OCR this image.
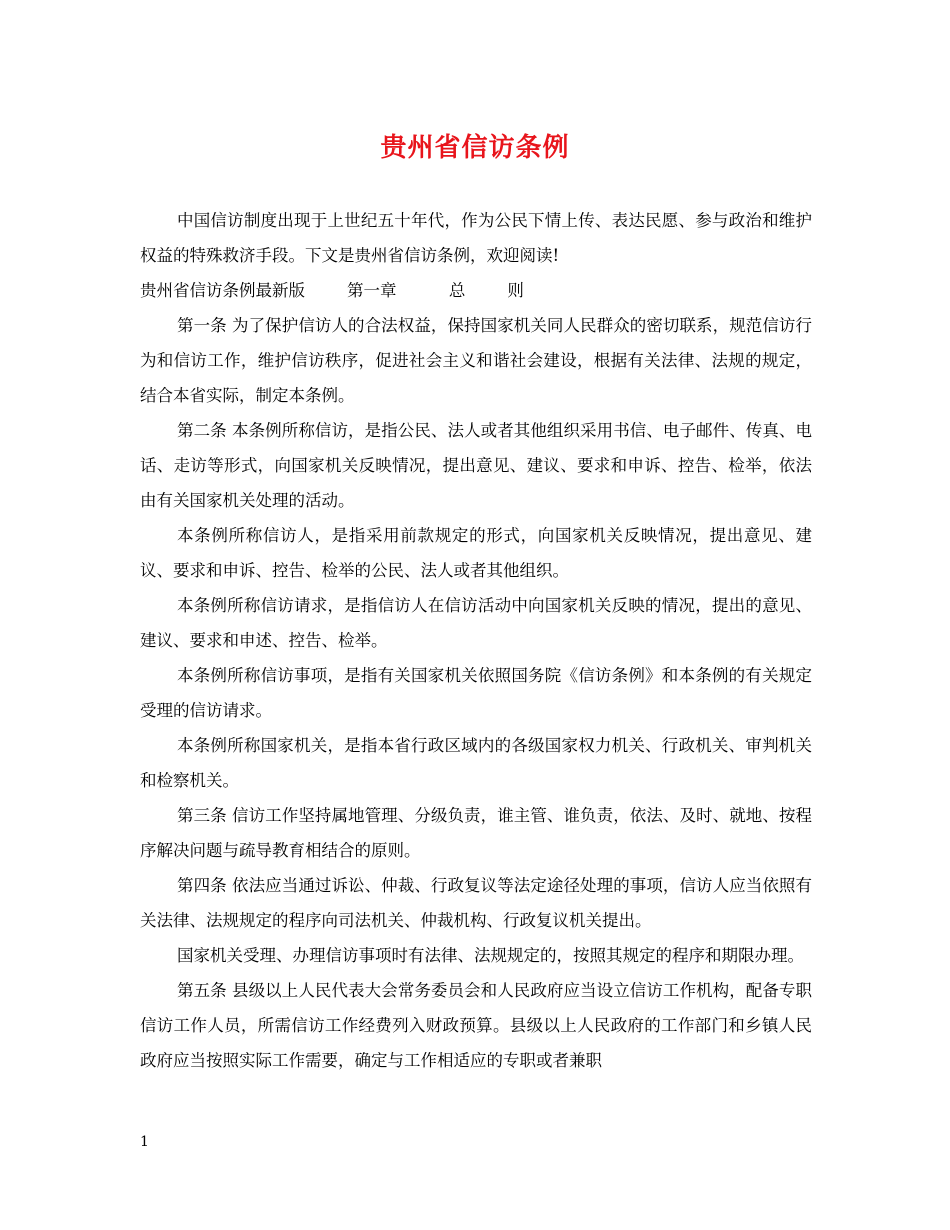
贵州省信访条例

中国信访制度出现于上世纪五十年代，作为公民下情上传、表达民愿、参与政治和维护权益的特殊救济手段。下文是贵州省信访条例，欢迎阅读!

贵州省信访条例最新版        第一章          总        则

第一条 为了保护信访人的合法权益，保持国家机关同人民群众的密切联系，规范信访行为和信访工作，维护信访秩序，促进社会主义和谐社会建设，根据有关法律、法规的规定，结合本省实际，制定本条例。

第二条 本条例所称信访，是指公民、法人或者其他组织采用书信、电子邮件、传真、电话、走访等形式，向国家机关反映情况，提出意见、建议、要求和申诉、控告、检举，依法由有关国家机关处理的活动。

本条例所称信访人，是指采用前款规定的形式，向国家机关反映情况，提出意见、建议、要求和申诉、控告、检举的公民、法人或者其他组织。

本条例所称信访请求，是指信访人在信访活动中向国家机关反映的情况，提出的意见、建议、要求和申述、控告、检举。

本条例所称信访事项，是指有关国家机关依照国务院《信访条例》和本条例的有关规定受理的信访请求。

本条例所称国家机关，是指本省行政区域内的各级国家权力机关、行政机关、审判机关和检察机关。

第三条 信访工作坚持属地管理、分级负责，谁主管、谁负责，依法、及时、就地、按程序解决问题与疏导教育相结合的原则。

第四条 依法应当通过诉讼、仲裁、行政复议等法定途径处理的事项，信访人应当依照有关法律、法规规定的程序向司法机关、仲裁机构、行政复议机关提出。

国家机关受理、办理信访事项时有法律、法规规定的，按照其规定的程序和期限办理。

第五条 县级以上人民代表大会常务委员会和人民政府应当设立信访工作机构，配备专职信访工作人员，所需信访工作经费列入财政预算。县级以上人民政府的工作部门和乡镇人民政府应当按照实际工作需要，确定与工作相适应的专职或者兼职

1
